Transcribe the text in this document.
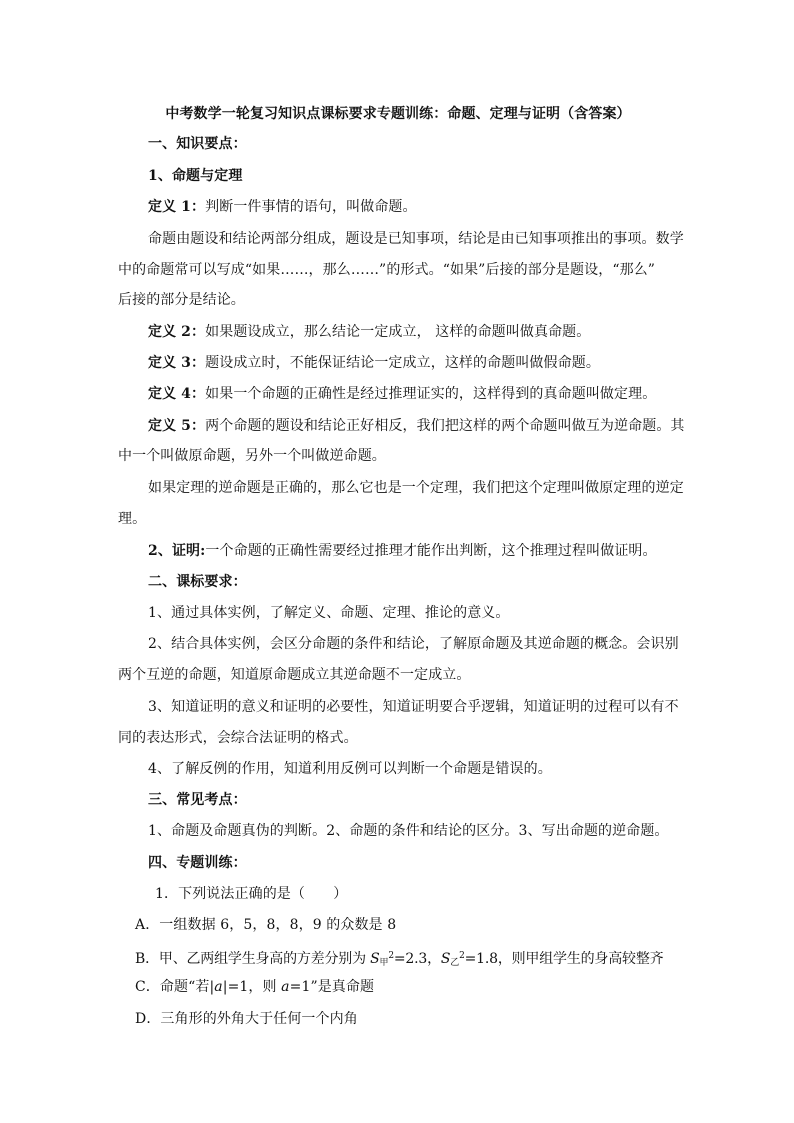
中考数学一轮复习知识点课标要求专题训练：命题、定理与证明（含答案）
一、知识要点：
1、命题与定理
定义 1：判断一件事情的语句，叫做命题。
命题由题设和结论两部分组成，题设是已知事项，结论是由已知事项推出的事项。数学
中的命题常可以写成“如果……，那么……”的形式。“如果”后接的部分是题设，“那么”
后接的部分是结论。
定义 2：如果题设成立，那么结论一定成立， 这样的命题叫做真命题。
定义 3：题设成立时，不能保证结论一定成立，这样的命题叫做假命题。
定义 4：如果一个命题的正确性是经过推理证实的，这样得到的真命题叫做定理。
定义 5：两个命题的题设和结论正好相反，我们把这样的两个命题叫做互为逆命题。其
中一个叫做原命题，另外一个叫做逆命题。
如果定理的逆命题是正确的，那么它也是一个定理，我们把这个定理叫做原定理的逆定
理。
2、证明:一个命题的正确性需要经过推理才能作出判断，这个推理过程叫做证明。
二、课标要求：
1、通过具体实例，了解定义、命题、定理、推论的意义。
2、结合具体实例，会区分命题的条件和结论，了解原命题及其逆命题的概念。会识别
两个互逆的命题，知道原命题成立其逆命题不一定成立。
3、知道证明的意义和证明的必要性，知道证明要合乎逻辑，知道证明的过程可以有不
同的表达形式，会综合法证明的格式。
4、了解反例的作用，知道利用反例可以判断一个命题是错误的。
三、常见考点：
1、命题及命题真伪的判断。2、命题的条件和结论的区分。3、写出命题的逆命题。
四、专题训练：
1．下列说法正确的是（　　）
A．一组数据 6，5，8，8，9 的众数是 8
B．甲、乙两组学生身高的方差分别为 $S_甲^2=2.3$，$S_乙^2=1.8$，则甲组学生的身高较整齐
C．命题“若|a|=1，则 a=1”是真命题
D．三角形的外角大于任何一个内角
